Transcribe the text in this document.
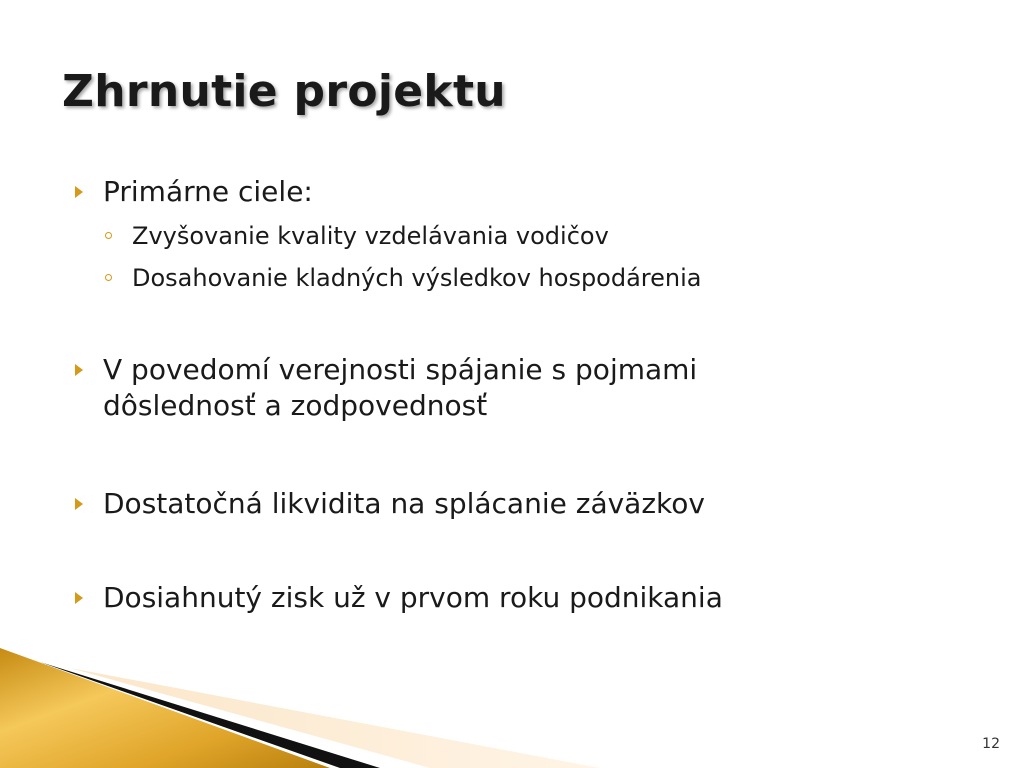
Zhrnutie projektu
Primárne ciele:
Zvyšovanie kvality vzdelávania vodičov
Dosahovanie kladných výsledkov hospodárenia
V povedomí verejnosti spájanie s pojmami
dôslednosť a zodpovednosť
Dostatočná likvidita na splácanie záväzkov
Dosiahnutý zisk už v prvom roku podnikania
12
